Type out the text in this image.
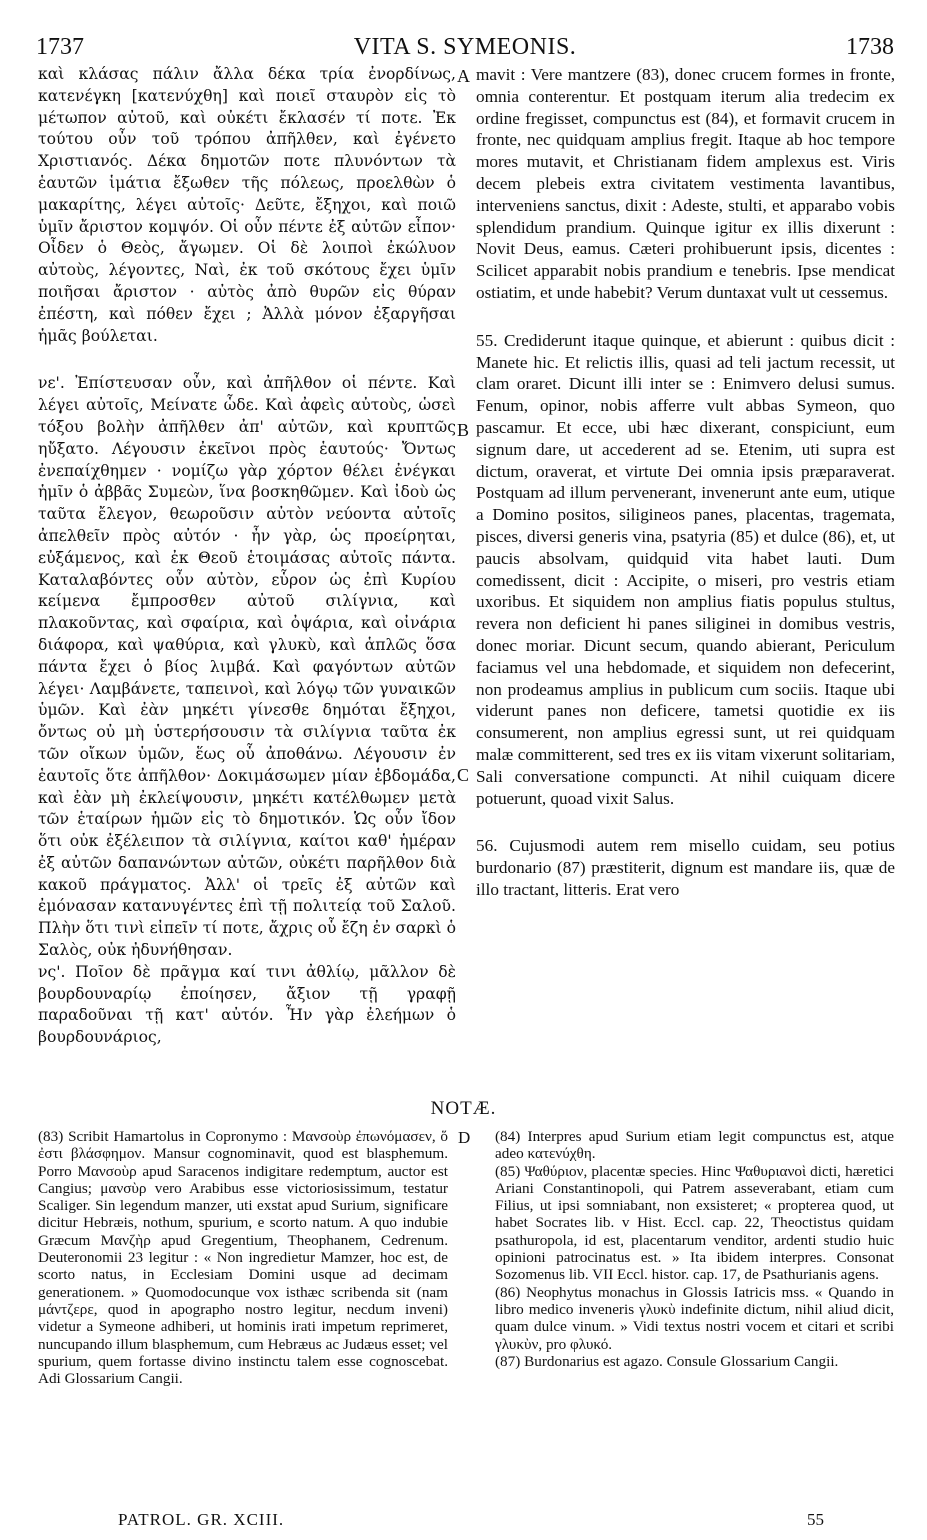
1737	VITA S. SYMEONIS.	1738

καὶ κλάσας πάλιν ἄλλα δέκα τρία ἐνορδίνως, κατενέγκη [κατενύχθη] καὶ ποιεῖ σταυρὸν εἰς τὸ μέτωπον αὐτοῦ, καὶ οὐκέτι ἔκλασέν τί ποτε. Ἐκ τούτου οὖν τοῦ τρόπου ἀπῆλθεν, καὶ ἐγένετο Χριστιανός. Δέκα δημοτῶν ποτε πλυνόντων τὰ ἑαυτῶν ἱμάτια ἔξωθεν τῆς πόλεως, προελθὼν ὁ μακαρίτης, λέγει αὐτοῖς· Δεῦτε, ἔξηχοι, καὶ ποιῶ ὑμῖν ἄριστον κομψόν. Οἱ οὖν πέντε ἐξ αὐτῶν εἶπον· Οἶδεν ὁ Θεὸς, ἄγωμεν. Οἱ δὲ λοιποὶ ἐκώλυον αὐτοὺς, λέγοντες, Ναὶ, ἐκ τοῦ σκότους ἔχει ὑμῖν ποιῆσαι ἄριστον · αὐτὸς ἀπὸ θυρῶν εἰς θύραν ἐπέστη, καὶ πόθεν ἔχει ; Ἀλλὰ μόνον ἐξαργῆσαι ἡμᾶς βούλεται.

νε'. Ἐπίστευσαν οὖν, καὶ ἀπῆλθον οἱ πέντε. Καὶ λέγει αὐτοῖς, Μείνατε ὧδε. Καὶ ἀφεὶς αὐτοὺς, ὡσεὶ τόξου βολὴν ἀπῆλθεν ἀπ' αὐτῶν, καὶ κρυπτῶς ηὔξατο. Λέγουσιν ἐκεῖνοι πρὸς ἑαυτούς· Ὄντως ἐνεπαίχθημεν · νομίζω γὰρ χόρτον θέλει ἐνέγκαι ἡμῖν ὁ ἀββᾶς Συμεὼν, ἵνα βοσκηθῶμεν. Καὶ ἰδοὺ ὡς ταῦτα ἔλεγον, θεωροῦσιν αὐτὸν νεύοντα αὐτοῖς ἀπελθεῖν πρὸς αὐτόν · ἦν γὰρ, ὡς προείρηται, εὐξάμενος, καὶ ἐκ Θεοῦ ἑτοιμάσας αὐτοῖς πάντα. Καταλαβόντες οὖν αὐτὸν, εὗρον ὡς ἐπὶ Κυρίου κείμενα ἔμπροσθεν αὐτοῦ σιλίγνια, καὶ πλακοῦντας, καὶ σφαίρια, καὶ ὀψάρια, καὶ οἰνάρια διάφορα, καὶ ψαθύρια, καὶ γλυκὺ, καὶ ἁπλῶς ὅσα πάντα ἔχει ὁ βίος λιμβά. Καὶ φαγόντων αὐτῶν λέγει· Λαμβάνετε, ταπεινοὶ, καὶ λόγῳ τῶν γυναικῶν ὑμῶν. Καὶ ἐὰν μηκέτι γίνεσθε δημόται ἔξηχοι, ὄντως οὐ μὴ ὑστερήσουσιν τὰ σιλίγνια ταῦτα ἐκ τῶν οἴκων ὑμῶν, ἕως οὗ ἀποθάνω. Λέγουσιν ἐν ἑαυτοῖς ὅτε ἀπῆλθον· Δοκιμάσωμεν μίαν ἑβδομάδα, καὶ ἐὰν μὴ ἐκλείψουσιν, μηκέτι κατέλθωμεν μετὰ τῶν ἑταίρων ἡμῶν εἰς τὸ δημοτικόν. Ὡς οὖν ἴδον ὅτι οὐκ ἐξέλειπον τὰ σιλίγνια, καίτοι καθ' ἡμέραν ἐξ αὐτῶν δαπανώντων αὐτῶν, οὐκέτι παρῆλθον διὰ κακοῦ πράγματος. Ἀλλ' οἱ τρεῖς ἐξ αὐτῶν καὶ ἐμόνασαν κατανυγέντες ἐπὶ τῇ πολιτείᾳ τοῦ Σαλοῦ. Πλὴν ὅτι τινὶ εἰπεῖν τί ποτε, ἄχρις οὗ ἔζη ἐν σαρκὶ ὁ Σαλὸς, οὐκ ἠδυνήθησαν.

νς'. Ποῖον δὲ πρᾶγμα καί τινι ἀθλίῳ, μᾶλλον δὲ βουρδουναρίῳ ἐποίησεν, ἄξιον τῇ γραφῇ παραδοῦναι τῇ κατ' αὐτόν. Ἦν γὰρ ἐλεήμων ὁ βουρδουνάριος,

A
B
C

mavit : Vere mantzere (83), donec crucem formes in fronte, omnia conterentur. Et postquam iterum alia tredecim ex ordine fregisset, compunctus est (84), et formavit crucem in fronte, nec quidquam amplius fregit. Itaque ab hoc tempore mores mutavit, et Christianam fidem amplexus est. Viris decem plebeis extra civitatem vestimenta lavantibus, interveniens sanctus, dixit : Adeste, stulti, et apparabo vobis splendidum prandium. Quinque igitur ex illis dixerunt : Novit Deus, eamus. Cæteri prohibuerunt ipsis, dicentes : Scilicet apparabit nobis prandium e tenebris. Ipse mendicat ostiatim, et unde habebit? Verum duntaxat vult ut cessemus.

55. Crediderunt itaque quinque, et abierunt : quibus dicit : Manete hic. Et relictis illis, quasi ad teli jactum recessit, ut clam oraret. Dicunt illi inter se : Enimvero delusi sumus. Fenum, opinor, nobis afferre vult abbas Symeon, quo pascamur. Et ecce, ubi hæc dixerant, conspiciunt, eum signum dare, ut accederent ad se. Etenim, uti supra est dictum, oraverat, et virtute Dei omnia ipsis præparaverat. Postquam ad illum pervenerant, invenerunt ante eum, utique a Domino positos, siligineos panes, placentas, tragemata, pisces, diversi generis vina, psatyria (85) et dulce (86), et, ut paucis absolvam, quidquid vita habet lauti. Dum comedissent, dicit : Accipite, o miseri, pro vestris etiam uxoribus. Et siquidem non amplius fiatis populus stultus, revera non deficient hi panes siliginei in domibus vestris, donec moriar. Dicunt secum, quando abierant, Periculum faciamus vel una hebdomade, et siquidem non defecerint, non prodeamus amplius in publicum cum sociis. Itaque ubi viderunt panes non deficere, tametsi quotidie ex iis consumerent, non amplius egressi sunt, ut rei quidquam malæ committerent, sed tres ex iis vitam vixerunt solitariam, Sali conversatione compuncti. At nihil cuiquam dicere potuerunt, quoad vixit Salus.

56. Cujusmodi autem rem misello cuidam, seu potius burdonario (87) præstiterit, dignum est mandare iis, quæ de illo tractant, litteris. Erat vero

NOTÆ.
D

(83) Scribit Hamartolus in Copronymo : Μανσοὺρ ἐπωνόμασεν, ὅ ἐστι βλάσφημον. Mansur cognominavit, quod est blasphemum. Porro Μανσοὺρ apud Saracenos indigitare redemptum, auctor est Cangius; μανσὺρ vero Arabibus esse victoriosissimum, testatur Scaliger. Sin legendum manzer, uti exstat apud Surium, significare dicitur Hebræis, nothum, spurium, e scorto natum. A quo indubie Græcum Μανζὴρ apud Gregentium, Theophanem, Cedrenum. Deuteronomii 23 legitur : « Non ingredietur Mamzer, hoc est, de scorto natus, in Ecclesiam Domini usque ad decimam generationem. » Quomodocunque vox isthæc scribenda sit (nam μάντζερε, quod in apographo nostro legitur, necdum inveni) videtur a Symeone adhiberi, ut hominis irati impetum reprimeret, nuncupando illum blasphemum, cum Hebræus ac Judæus esset; vel spurium, quem fortasse divino instinctu talem esse cognoscebat. Adi Glossarium Cangii.

(84) Interpres apud Surium etiam legit compunctus est, atque adeo κατενύχθη.

(85) Ψαθύριον, placentæ species. Hinc Ψαθυριανοὶ dicti, hæretici Ariani Constantinopoli, qui Patrem asseverabant, etiam cum Filius, ut ipsi somniabant, non exsisteret; « propterea quod, ut habet Socrates lib. v Hist. Eccl. cap. 22, Theoctistus quidam psathuropola, id est, placentarum venditor, ardenti studio huic opinioni patrocinatus est. » Ita ibidem interpres. Consonat Sozomenus lib. VII Eccl. histor. cap. 17, de Psathurianis agens.

(86) Neophytus monachus in Glossis Iatricis mss. « Quando in libro medico inveneris γλυκὺ indefinite dictum, nihil aliud dicit, quam dulce vinum. » Vidi textus nostri vocem et citari et scribi γλυκὺν, pro φλυκό.

(87) Burdonarius est agazo. Consule Glossarium Cangii.

PATROL. GR. XCIII.	55
